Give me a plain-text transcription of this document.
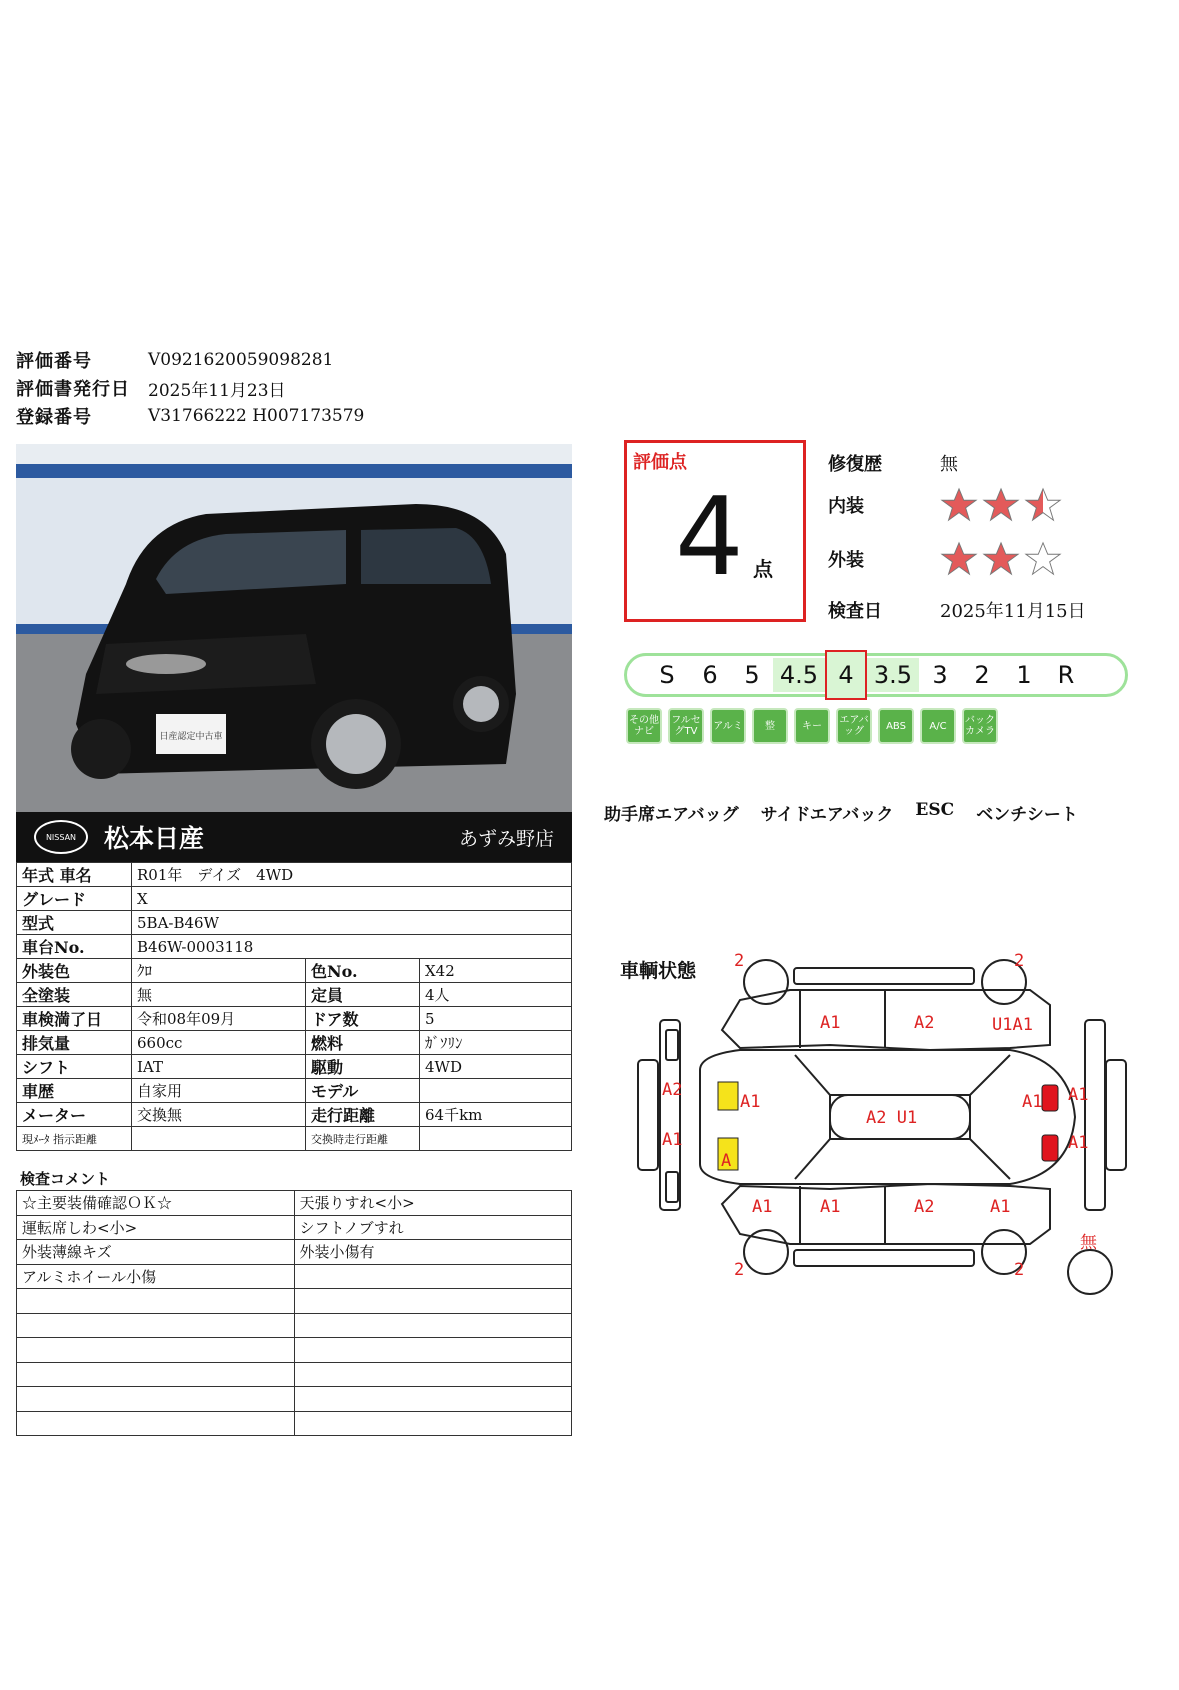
評価番号	V0921620059098281
評価書発行日	2025年11月23日
登録番号	V31766222 H007173579
日産認定中古車
NISSAN	松本日産	あずみ野店
年式 車名	R01年　デイズ　4WD		
グレード	X		
型式	5BA-B46W		
車台No.	B46W-0003118		
外装色	ｸﾛ	色No.	X42
全塗装	無	定員	4人
車検満了日	令和08年09月	ドア数	5
排気量	660cc	燃料	ｶﾞｿﾘﾝ
シフト	IAT	駆動	4WD
車歴	自家用	モデル	
メーター	交換無	走行距離	64千km
現ﾒｰﾀ 指示距離		交換時走行距離	
検査コメント
☆主要装備確認ＯＫ☆	天張りすれ<小>
運転席しわ<小>	シフトノブすれ
外装薄線キズ	外装小傷有
アルミホイール小傷	

評価点
4 点
修復歴	無
内装
外装
検査日	2025年11月15日
S	6	5 4.5 4 3.5 3	2	1	R
その他ナビ
フルセグTV	アルミ	整	キー	エアバッグ	ABS	A/C	バックカメラ
助手席エアバッグ サイドエアバック ESC ベンチシート
車輌状態 2	2
2	2
A1	A2	U1A1
A2
A1
A1
A2 U1
A1 A1
A1
A1	A1	A2	A1
A
無
